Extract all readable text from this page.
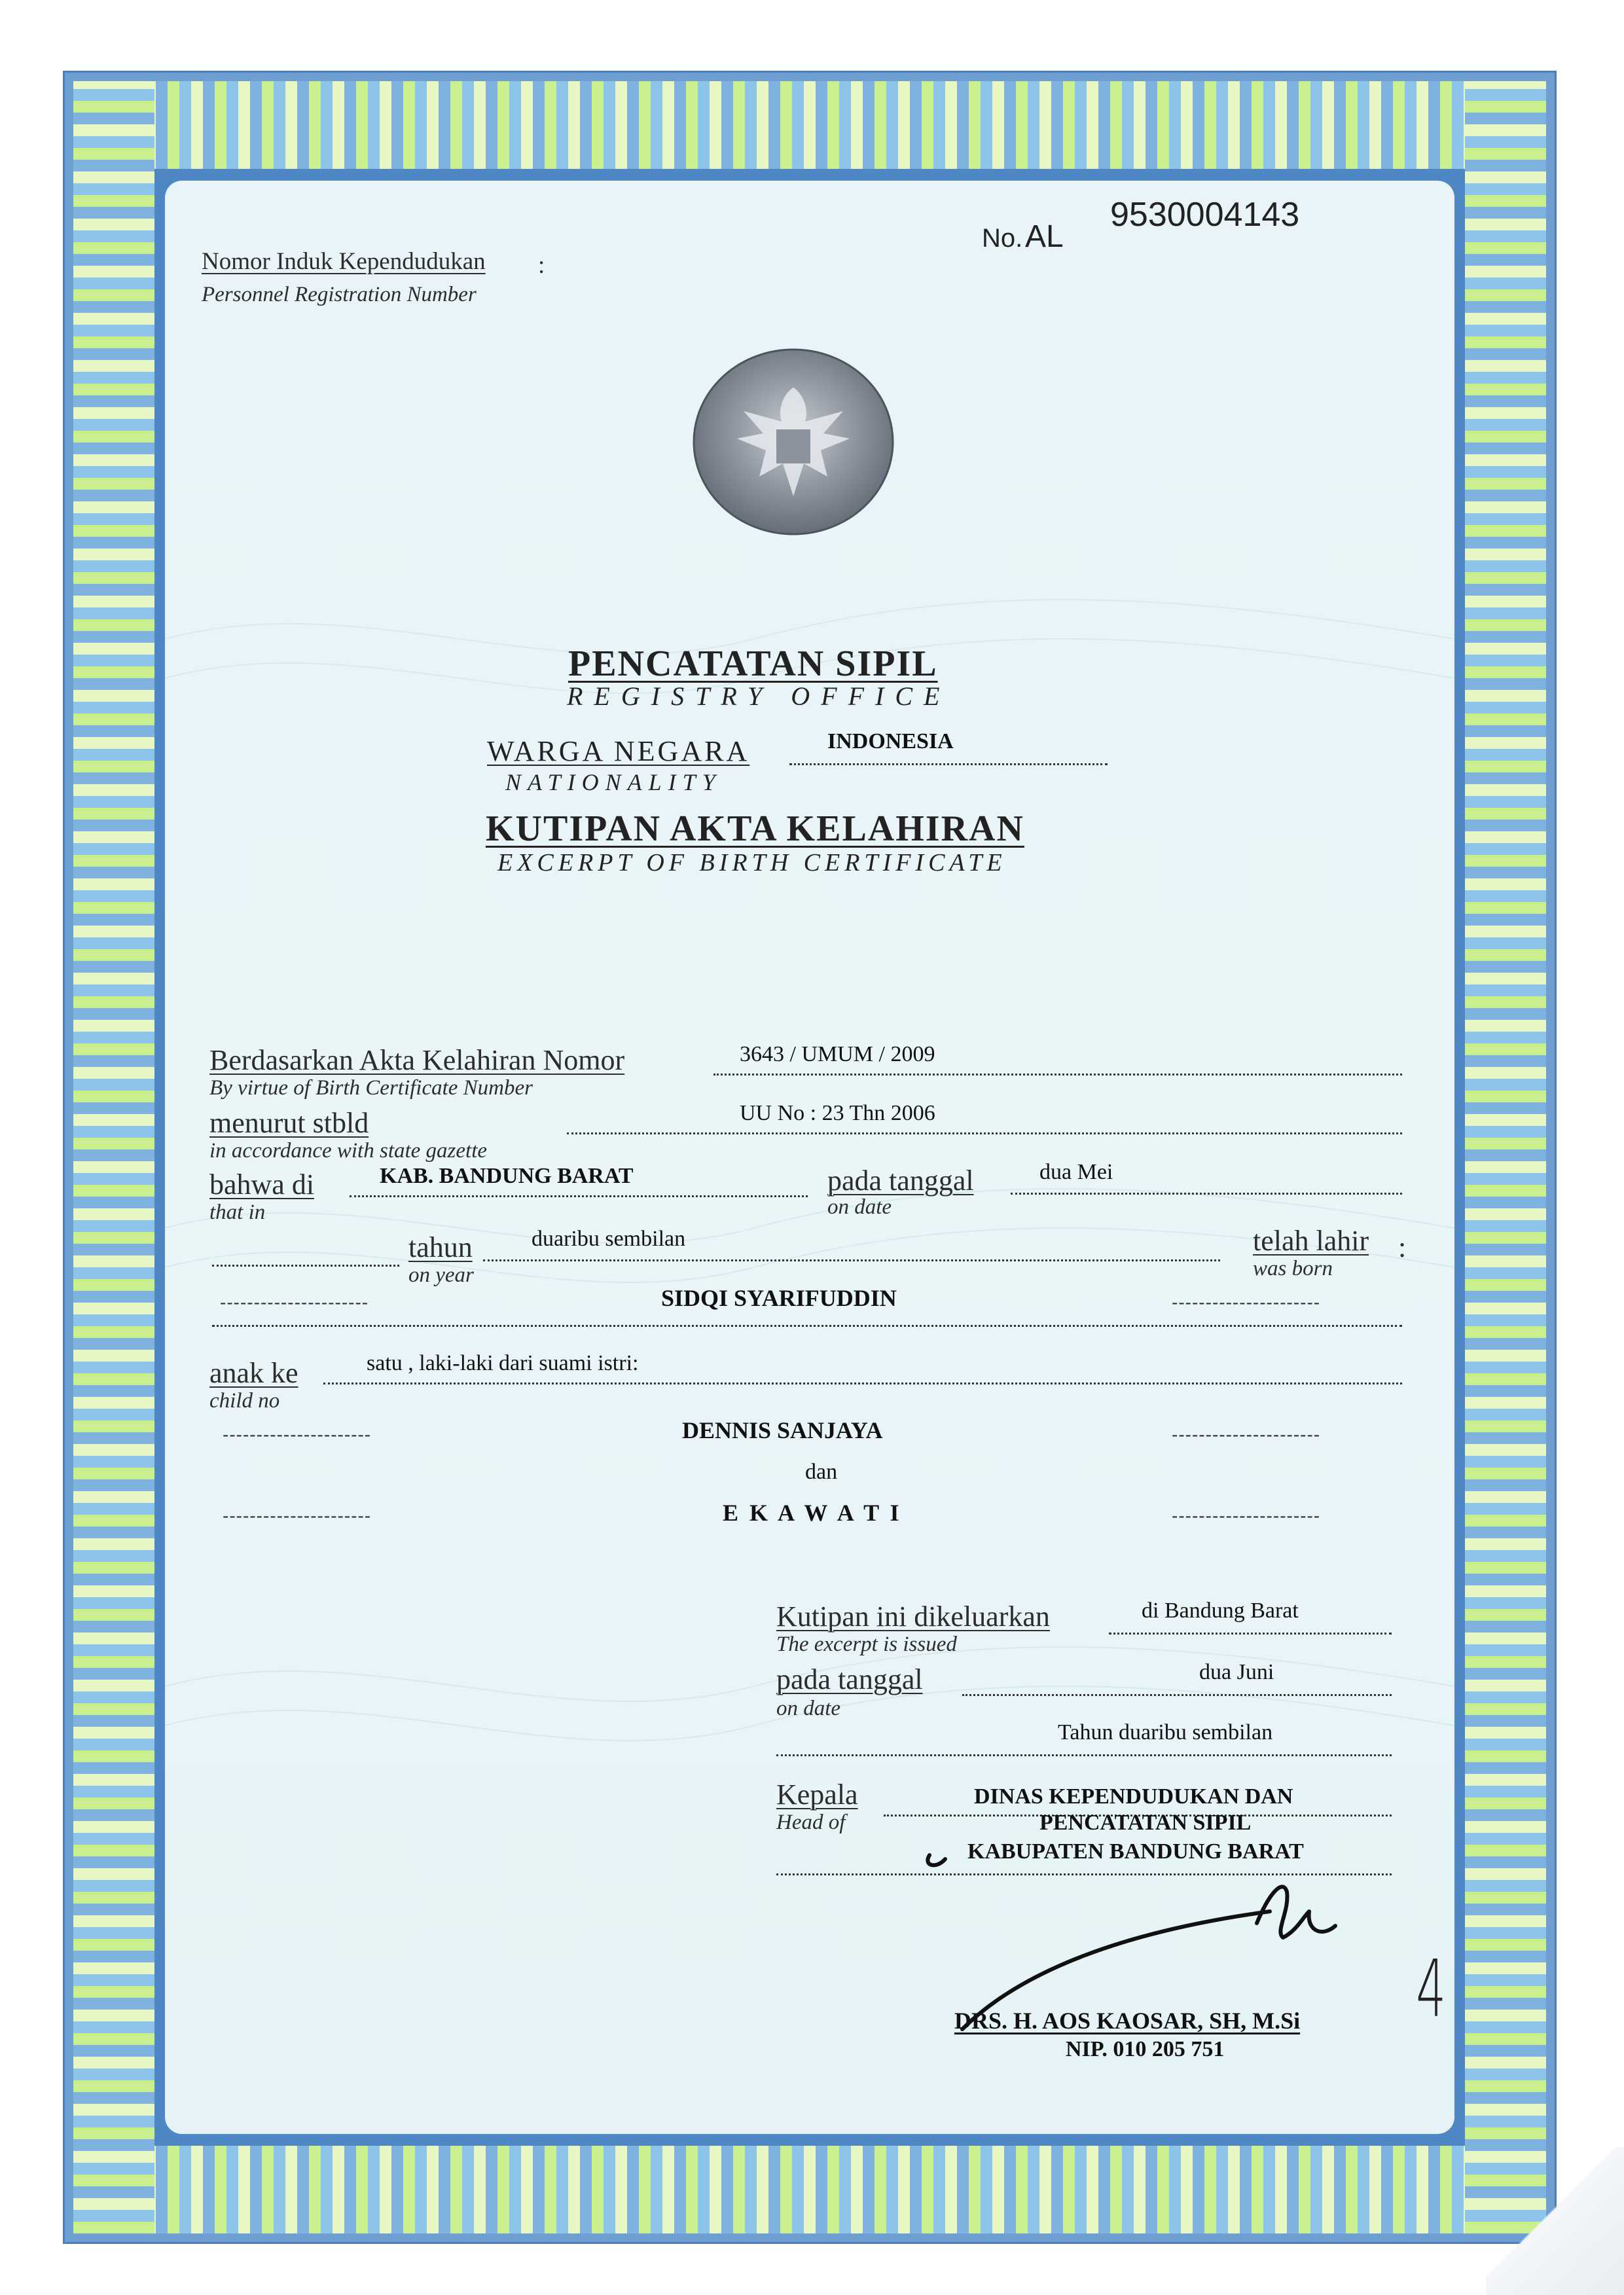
Nomor Induk Kependudukan :
Personnel Registration Number
No. AL
9530004143
PENCATATAN SIPIL
REGISTRY OFFICE
WARGA NEGARA
NATIONALITY
INDONESIA
KUTIPAN AKTA KELAHIRAN
EXCERPT OF BIRTH CERTIFICATE
Berdasarkan Akta Kelahiran Nomor
By virtue of Birth Certificate Number
3643 / UMUM / 2009
menurut stbld
in accordance with state gazette
UU No : 23 Thn 2006
bahwa di
that in
KAB. BANDUNG BARAT	pada tanggal
on date
dua Mei
tahun
on year
duaribu sembilan	telah lahir :
was born
----------------------	SIDQI SYARIFUDDIN	----------------------
anak ke
child no
satu , laki-laki dari suami istri:
----------------------	DENNIS SANJAYA	----------------------
dan
----------------------	E K A W A T I	----------------------
Kutipan ini dikeluarkan
The excerpt is issued
di Bandung Barat
pada tanggal
on date
dua Juni
Tahun duaribu sembilan
Kepala
Head of
DINAS KEPENDUDUKAN DAN
PENCATATAN SIPIL
KABUPATEN BANDUNG BARAT
DRS. H. AOS KAOSAR, SH, M.Si
NIP. 010 205 751
4
